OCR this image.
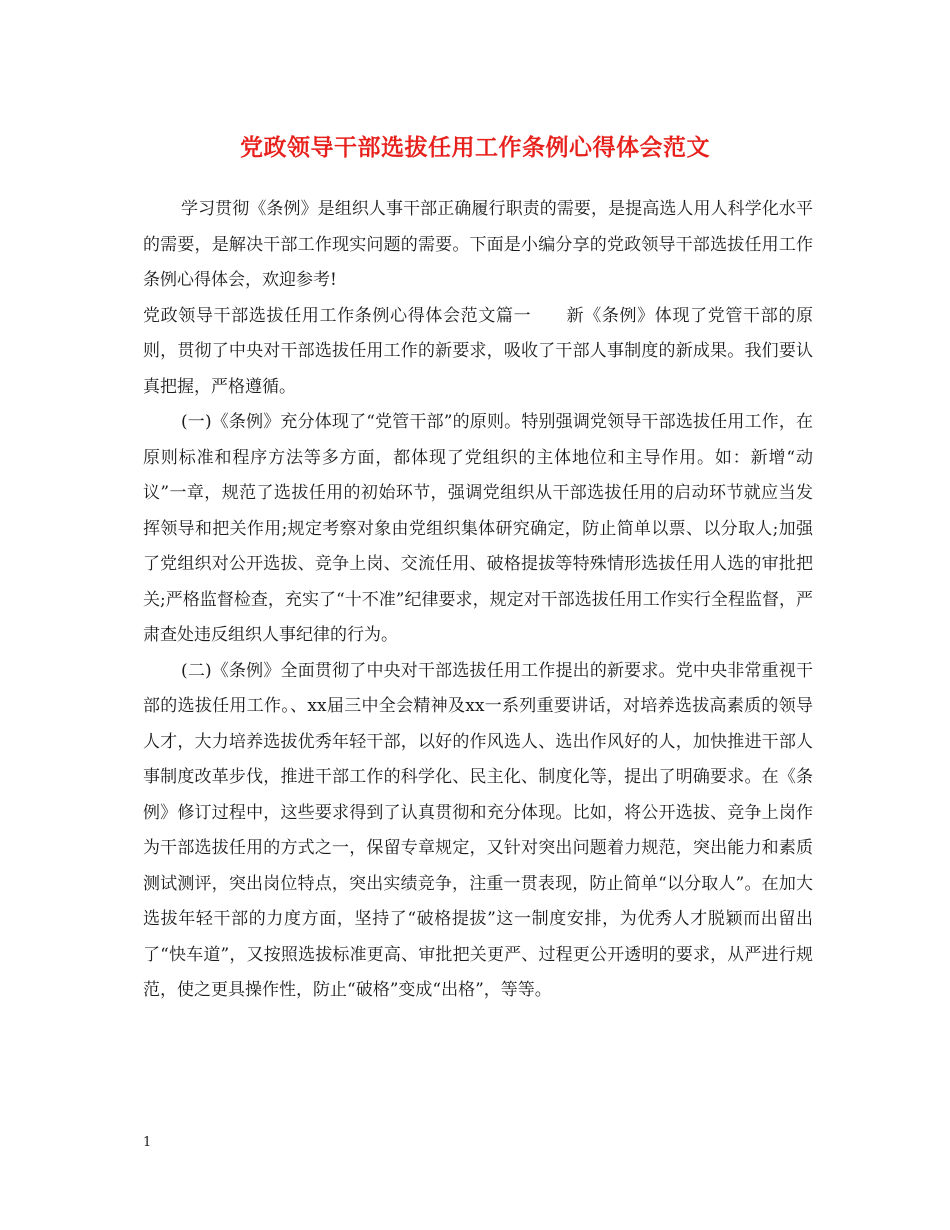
党政领导干部选拔任用工作条例心得体会范文

学习贯彻《条例》是组织人事干部正确履行职责的需要，是提高选人用人科学化水平的需要，是解决干部工作现实问题的需要。下面是小编分享的党政领导干部选拔任用工作条例心得体会，欢迎参考!

党政领导干部选拔任用工作条例心得体会范文篇一　　新《条例》体现了党管干部的原则，贯彻了中央对干部选拔任用工作的新要求，吸收了干部人事制度的新成果。我们要认真把握，严格遵循。

(一)《条例》充分体现了“党管干部”的原则。特别强调党领导干部选拔任用工作，在原则标准和程序方法等多方面，都体现了党组织的主体地位和主导作用。如：新增“动议”一章，规范了选拔任用的初始环节，强调党组织从干部选拔任用的启动环节就应当发挥领导和把关作用;规定考察对象由党组织集体研究确定，防止简单以票、以分取人;加强了党组织对公开选拔、竞争上岗、交流任用、破格提拔等特殊情形选拔任用人选的审批把关;严格监督检查，充实了“十不准”纪律要求，规定对干部选拔任用工作实行全程监督，严肃查处违反组织人事纪律的行为。

(二)《条例》全面贯彻了中央对干部选拔任用工作提出的新要求。党中央非常重视干部的选拔任用工作。、xx届三中全会精神及xx一系列重要讲话，对培养选拔高素质的领导人才，大力培养选拔优秀年轻干部，以好的作风选人、选出作风好的人，加快推进干部人事制度改革步伐，推进干部工作的科学化、民主化、制度化等，提出了明确要求。在《条例》修订过程中，这些要求得到了认真贯彻和充分体现。比如，将公开选拔、竞争上岗作为干部选拔任用的方式之一，保留专章规定，又针对突出问题着力规范，突出能力和素质测试测评，突出岗位特点，突出实绩竞争，注重一贯表现，防止简单“以分取人”。在加大选拔年轻干部的力度方面，坚持了“破格提拔”这一制度安排，为优秀人才脱颖而出留出了“快车道”，又按照选拔标准更高、审批把关更严、过程更公开透明的要求，从严进行规范，使之更具操作性，防止“破格”变成“出格”，等等。

1
